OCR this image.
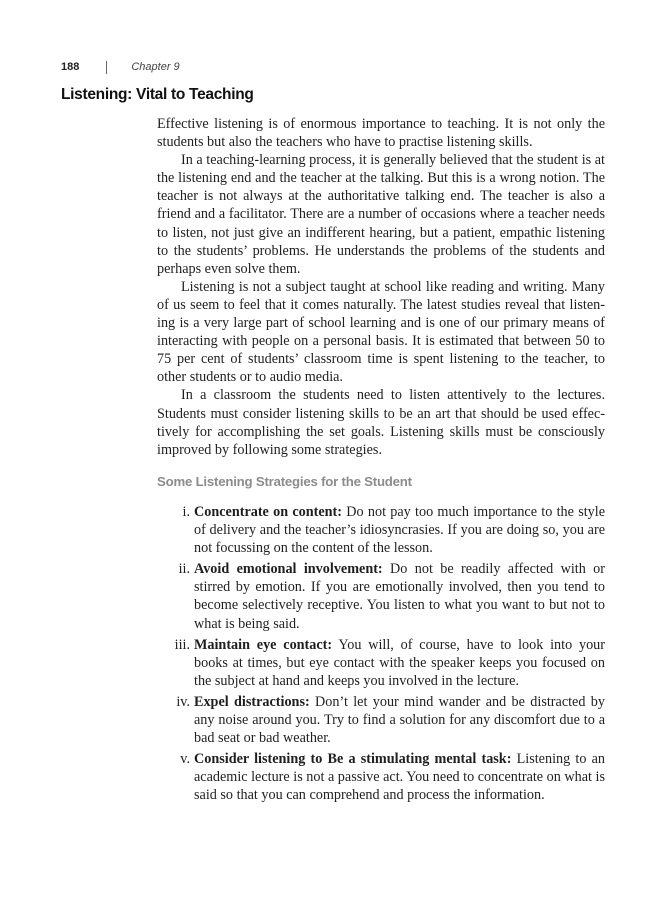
188	Chapter 9
Listening: Vital to Teaching

Effective listening is of enormous importance to teaching. It is not only the students but also the teachers who have to practise listening skills.

In a teaching-learning process, it is generally believed that the student is at the listening end and the teacher at the talking. But this is a wrong notion. The teacher is not always at the authoritative talking end. The teacher is also a friend and a facilitator. There are a number of occasions where a teacher needs to listen, not just give an indifferent hearing, but a patient, empathic listening to the students’ problems. He understands the problems of the students and perhaps even solve them.

Listening is not a subject taught at school like reading and writing. Many of us seem to feel that it comes naturally. The latest studies reveal that listening is a very large part of school learning and is one of our primary means of interacting with people on a personal basis. It is estimated that between 50 to 75 per cent of students’ classroom time is spent listening to the teacher, to other students or to audio media.

In a classroom the students need to listen attentively to the lectures. Students must consider listening skills to be an art that should be used effectively for accomplishing the set goals. Listening skills must be consciously improved by following some strategies.

Some Listening Strategies for the Student
i. Concentrate on content: Do not pay too much importance to the style of delivery and the teacher’s idiosyncrasies. If you are doing so, you are not focussing on the content of the lesson.
ii. Avoid emotional involvement: Do not be readily affected with or stirred by emotion. If you are emotionally involved, then you tend to become selectively receptive. You listen to what you want to but not to what is being said.
iii. Maintain eye contact: You will, of course, have to look into your books at times, but eye contact with the speaker keeps you focused on the subject at hand and keeps you involved in the lecture.
iv. Expel distractions: Don’t let your mind wander and be distracted by any noise around you. Try to find a solution for any discomfort due to a bad seat or bad weather.
v. Consider listening to Be a stimulating mental task: Listening to an academic lecture is not a passive act. You need to concentrate on what is said so that you can comprehend and process the information.
